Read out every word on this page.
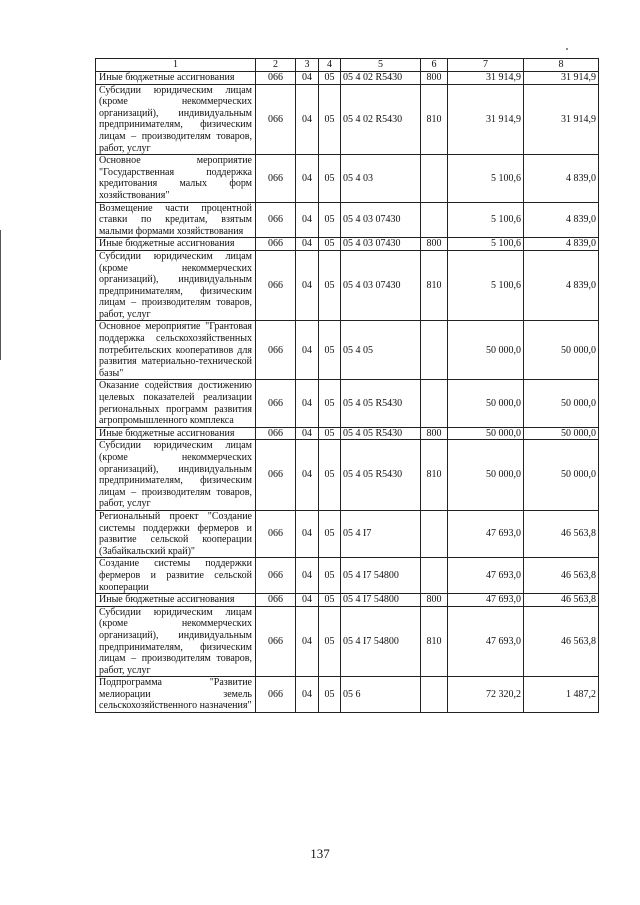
1	2	3	4	5	6	7	8
Иные бюджетные ассигнования	066	04	05	05 4 02 R5430	800	31 914,9	31 914,9
Субсидии юридическим лицам (кроме некоммерческих организаций), индивидуальным предпринимателям, физическим лицам – производителям товаров, работ, услуг	066	04	05	05 4 02 R5430	810	31 914,9	31 914,9
Основное мероприятие "Государственная поддержка кредитования малых форм хозяйствования"	066	04	05	05 4 03		5 100,6	4 839,0
Возмещение части процентной ставки по кредитам, взятым малыми формами хозяйствования	066	04	05	05 4 03 07430		5 100,6	4 839,0
Иные бюджетные ассигнования	066	04	05	05 4 03 07430	800	5 100,6	4 839,0
Субсидии юридическим лицам (кроме некоммерческих организаций), индивидуальным предпринимателям, физическим лицам – производителям товаров, работ, услуг	066	04	05	05 4 03 07430	810	5 100,6	4 839,0
Основное мероприятие "Грантовая поддержка сельскохозяйственных потребительских кооперативов для развития материально-технической базы"	066	04	05	05 4 05		50 000,0	50 000,0
Оказание содействия достижению целевых показателей реализации региональных программ развития агропромышленного комплекса	066	04	05	05 4 05 R5430		50 000,0	50 000,0
Иные бюджетные ассигнования	066	04	05	05 4 05 R5430	800	50 000,0	50 000,0
Субсидии юридическим лицам (кроме некоммерческих организаций), индивидуальным предпринимателям, физическим лицам – производителям товаров, работ, услуг	066	04	05	05 4 05 R5430	810	50 000,0	50 000,0
Региональный проект "Создание системы поддержки фермеров и развитие сельской кооперации (Забайкальский край)"	066	04	05	05 4 I7		47 693,0	46 563,8
Создание системы поддержки фермеров и развитие сельской кооперации	066	04	05	05 4 I7 54800		47 693,0	46 563,8
Иные бюджетные ассигнования	066	04	05	05 4 I7 54800	800	47 693,0	46 563,8
Субсидии юридическим лицам (кроме некоммерческих организаций), индивидуальным предпринимателям, физическим лицам – производителям товаров, работ, услуг	066	04	05	05 4 I7 54800	810	47 693,0	46 563,8
Подпрограмма "Развитие мелиорации земель сельскохозяйственного назначения"	066	04	05	05 6		72 320,2	1 487,2
137
